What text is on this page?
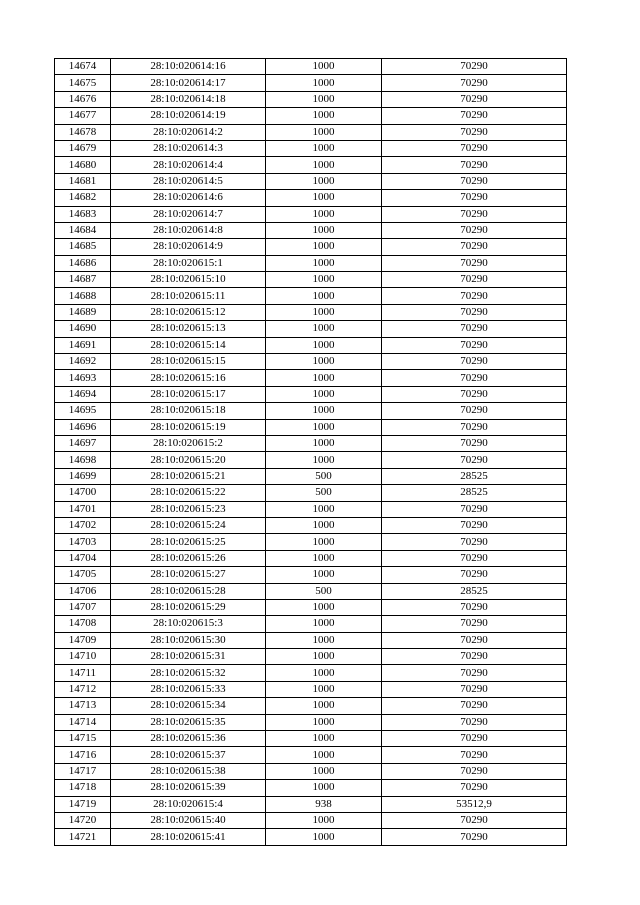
14674	28:10:020614:16	1000	70290
14675	28:10:020614:17	1000	70290
14676	28:10:020614:18	1000	70290
14677	28:10:020614:19	1000	70290
14678	28:10:020614:2	1000	70290
14679	28:10:020614:3	1000	70290
14680	28:10:020614:4	1000	70290
14681	28:10:020614:5	1000	70290
14682	28:10:020614:6	1000	70290
14683	28:10:020614:7	1000	70290
14684	28:10:020614:8	1000	70290
14685	28:10:020614:9	1000	70290
14686	28:10:020615:1	1000	70290
14687	28:10:020615:10	1000	70290
14688	28:10:020615:11	1000	70290
14689	28:10:020615:12	1000	70290
14690	28:10:020615:13	1000	70290
14691	28:10:020615:14	1000	70290
14692	28:10:020615:15	1000	70290
14693	28:10:020615:16	1000	70290
14694	28:10:020615:17	1000	70290
14695	28:10:020615:18	1000	70290
14696	28:10:020615:19	1000	70290
14697	28:10:020615:2	1000	70290
14698	28:10:020615:20	1000	70290
14699	28:10:020615:21	500	28525
14700	28:10:020615:22	500	28525
14701	28:10:020615:23	1000	70290
14702	28:10:020615:24	1000	70290
14703	28:10:020615:25	1000	70290
14704	28:10:020615:26	1000	70290
14705	28:10:020615:27	1000	70290
14706	28:10:020615:28	500	28525
14707	28:10:020615:29	1000	70290
14708	28:10:020615:3	1000	70290
14709	28:10:020615:30	1000	70290
14710	28:10:020615:31	1000	70290
14711	28:10:020615:32	1000	70290
14712	28:10:020615:33	1000	70290
14713	28:10:020615:34	1000	70290
14714	28:10:020615:35	1000	70290
14715	28:10:020615:36	1000	70290
14716	28:10:020615:37	1000	70290
14717	28:10:020615:38	1000	70290
14718	28:10:020615:39	1000	70290
14719	28:10:020615:4	938	53512,9
14720	28:10:020615:40	1000	70290
14721	28:10:020615:41	1000	70290
